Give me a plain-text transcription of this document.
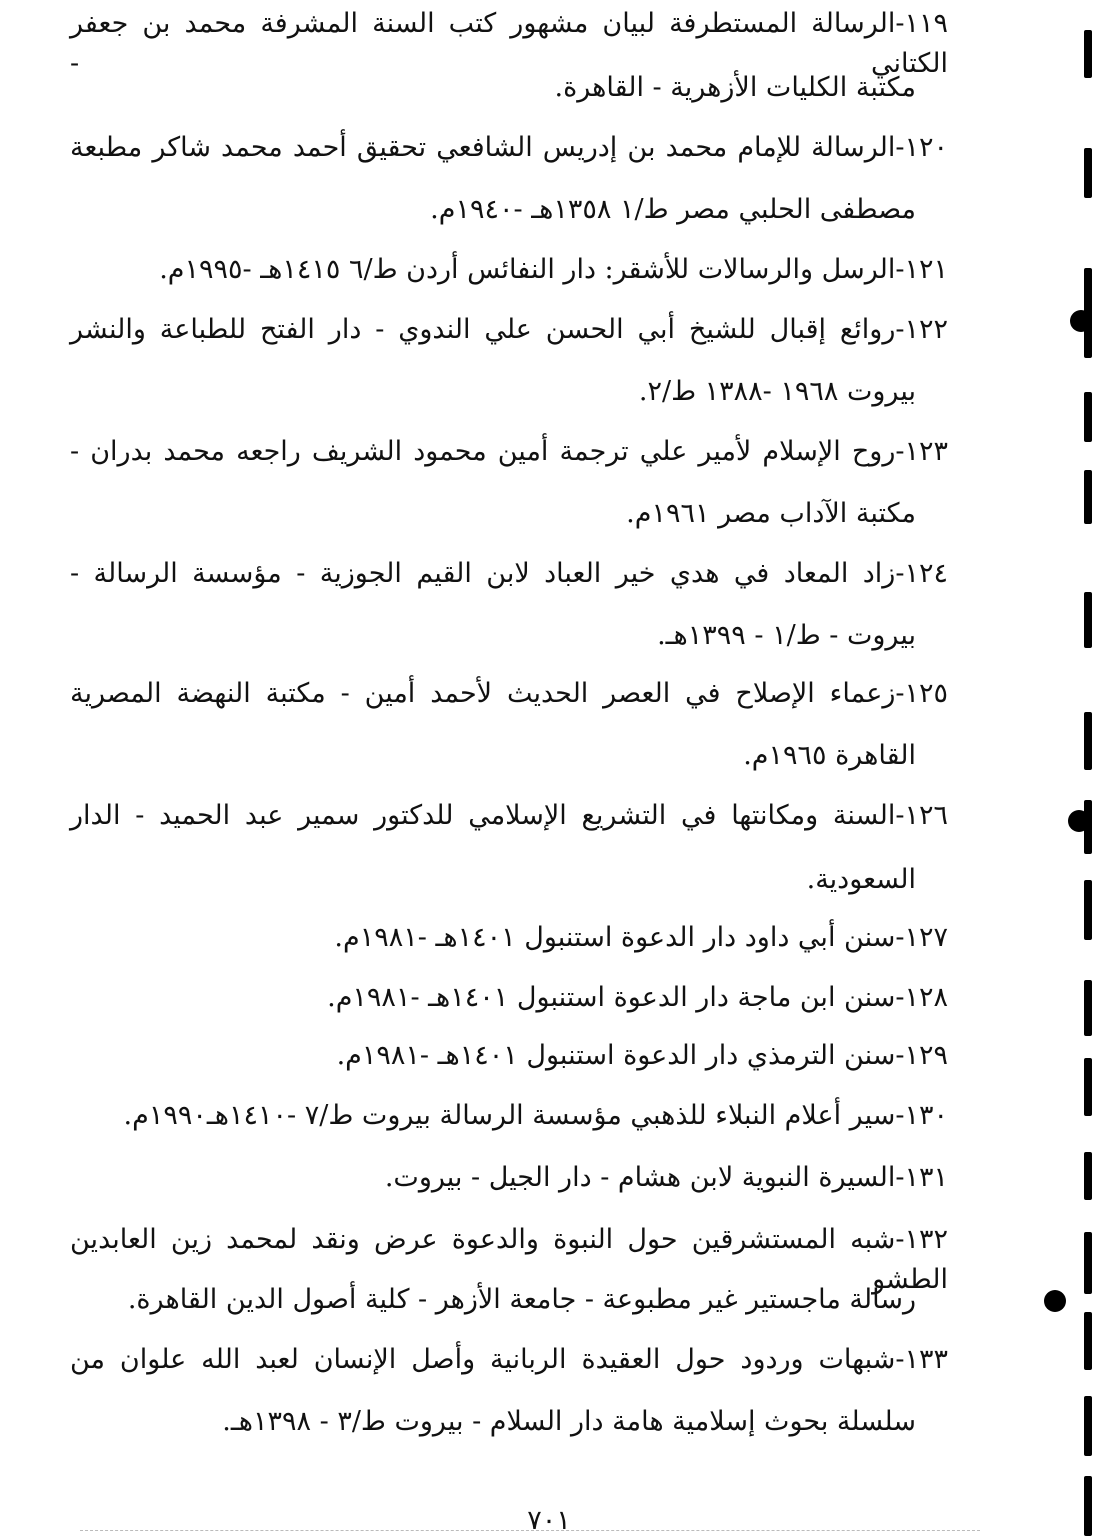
١١٩-الرسالة المستطرفة لبيان مشهور كتب السنة المشرفة محمد بن جعفر الكتاني -
مكتبة الكليات الأزهرية - القاهرة.
١٢٠-الرسالة للإمام محمد بن إدريس الشافعي تحقيق أحمد محمد شاكر مطبعة
مصطفى الحلبي مصر ط/١ ١٣٥٨هـ -١٩٤٠م.
١٢١-الرسل والرسالات للأشقر: دار النفائس أردن ط/٦ ١٤١٥هـ -١٩٩٥م.
١٢٢-روائع إقبال للشيخ أبي الحسن علي الندوي - دار الفتح للطباعة والنشر
بيروت ١٩٦٨ -١٣٨٨ ط/٢.
١٢٣-روح الإسلام لأمير علي ترجمة أمين محمود الشريف راجعه محمد بدران -
مكتبة الآداب مصر ١٩٦١م.
١٢٤-زاد المعاد في هدي خير العباد لابن القيم الجوزية - مؤسسة الرسالة -
بيروت - ط/١ - ١٣٩٩هـ.
١٢٥-زعماء الإصلاح في العصر الحديث لأحمد أمين - مكتبة النهضة المصرية
القاهرة ١٩٦٥م.
١٢٦-السنة ومكانتها في التشريع الإسلامي للدكتور سمير عبد الحميد - الدار
السعودية.
١٢٧-سنن أبي داود دار الدعوة استنبول ١٤٠١هـ -١٩٨١م.
١٢٨-سنن ابن ماجة دار الدعوة استنبول ١٤٠١هـ -١٩٨١م.
١٢٩-سنن الترمذي دار الدعوة استنبول ١٤٠١هـ -١٩٨١م.
١٣٠-سير أعلام النبلاء للذهبي مؤسسة الرسالة بيروت ط/٧ -١٤١٠هـ١٩٩٠م.
١٣١-السيرة النبوية لابن هشام - دار الجيل - بيروت.
١٣٢-شبه المستشرقين حول النبوة والدعوة عرض ونقد لمحمد زين العابدين الطشو
رسالة ماجستير غير مطبوعة - جامعة الأزهر - كلية أصول الدين القاهرة.
١٣٣-شبهات وردود حول العقيدة الربانية وأصل الإنسان لعبد الله علوان من
سلسلة بحوث إسلامية هامة دار السلام - بيروت ط/٣ - ١٣٩٨هـ.
٧٠١
